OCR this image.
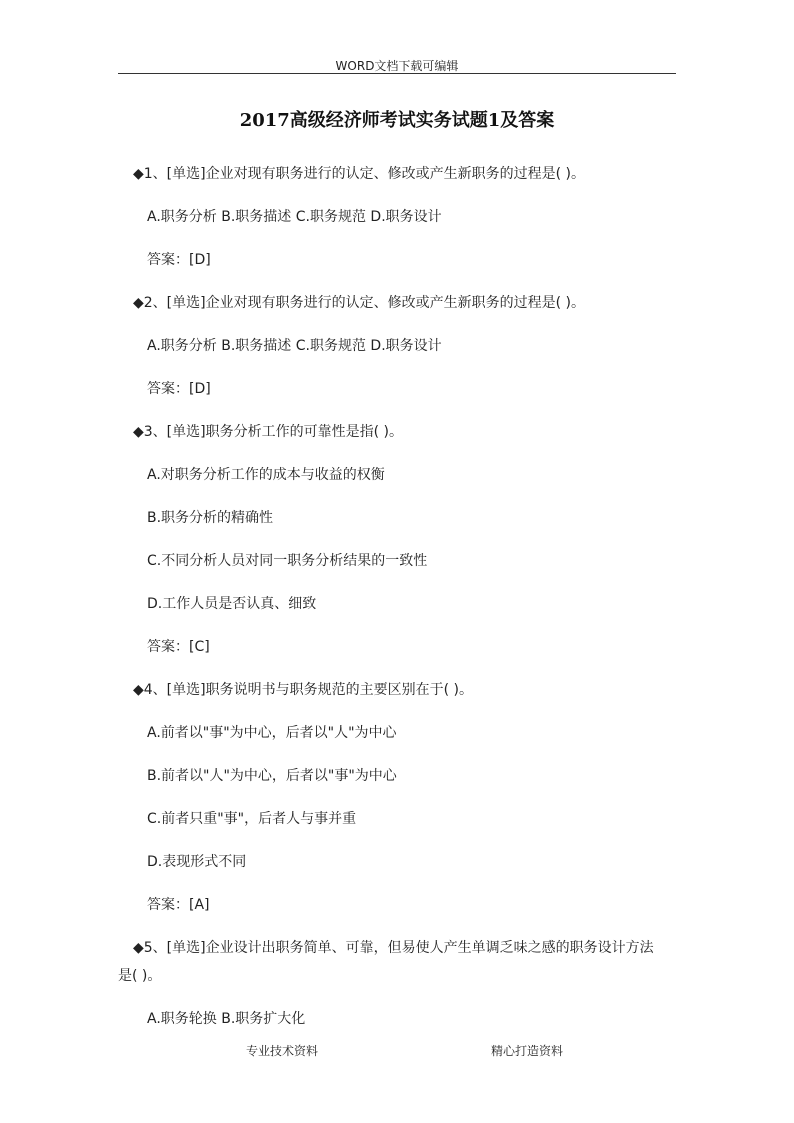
WORD文档下载可编辑
2017高级经济师考试实务试题1及答案
◆1、[单选]企业对现有职务进行的认定、修改或产生新职务的过程是( )。
A.职务分析 B.职务描述 C.职务规范 D.职务设计
答案：[D]
◆2、[单选]企业对现有职务进行的认定、修改或产生新职务的过程是( )。
A.职务分析 B.职务描述 C.职务规范 D.职务设计
答案：[D]
◆3、[单选]职务分析工作的可靠性是指( )。
A.对职务分析工作的成本与收益的权衡
B.职务分析的精确性
C.不同分析人员对同一职务分析结果的一致性
D.工作人员是否认真、细致
答案：[C]
◆4、[单选]职务说明书与职务规范的主要区别在于( )。
A.前者以"事"为中心，后者以"人"为中心
B.前者以"人"为中心，后者以"事"为中心
C.前者只重"事"，后者人与事并重
D.表现形式不同
答案：[A]
◆5、[单选]企业设计出职务简单、可靠，但易使人产生单调乏味之感的职务设计方法
是( )。
A.职务轮换 B.职务扩大化
专业技术资料	精心打造资料
